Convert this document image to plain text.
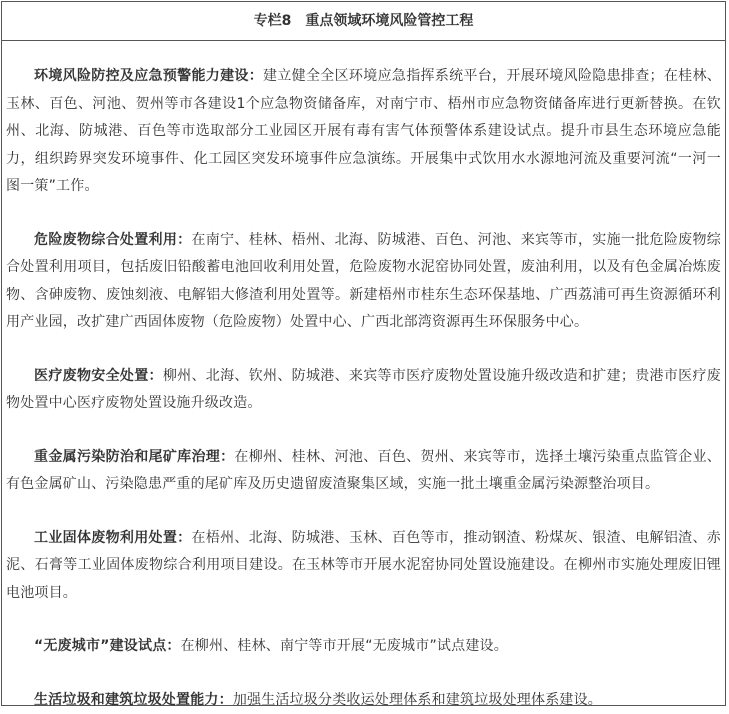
专栏8 重点领域环境风险管控工程

环境风险防控及应急预警能力建设：建立健全全区环境应急指挥系统平台，开展环境风险隐患排查；在桂林、玉林、百色、河池、贺州等市各建设1个应急物资储备库，对南宁市、梧州市应急物资储备库进行更新替换。在钦州、北海、防城港、百色等市选取部分工业园区开展有毒有害气体预警体系建设试点。提升市县生态环境应急能力，组织跨界突发环境事件、化工园区突发环境事件应急演练。开展集中式饮用水水源地河流及重要河流“一河一图一策”工作。

危险废物综合处置利用：在南宁、桂林、梧州、北海、防城港、百色、河池、来宾等市，实施一批危险废物综合处置利用项目，包括废旧铅酸蓄电池回收利用处置，危险废物水泥窑协同处置，废油利用，以及有色金属冶炼废物、含砷废物、废蚀刻液、电解铝大修渣利用处置等。新建梧州市桂东生态环保基地、广西荔浦可再生资源循环利用产业园，改扩建广西固体废物（危险废物）处置中心、广西北部湾资源再生环保服务中心。

医疗废物安全处置：柳州、北海、钦州、防城港、来宾等市医疗废物处置设施升级改造和扩建；贵港市医疗废物处置中心医疗废物处置设施升级改造。

重金属污染防治和尾矿库治理：在柳州、桂林、河池、百色、贺州、来宾等市，选择土壤污染重点监管企业、有色金属矿山、污染隐患严重的尾矿库及历史遗留废渣聚集区域，实施一批土壤重金属污染源整治项目。

工业固体废物利用处置：在梧州、北海、防城港、玉林、百色等市，推动钢渣、粉煤灰、银渣、电解铝渣、赤泥、石膏等工业固体废物综合利用项目建设。在玉林等市开展水泥窑协同处置设施建设。在柳州市实施处理废旧锂电池项目。

“无废城市”建设试点：在柳州、桂林、南宁等市开展“无废城市”试点建设。

生活垃圾和建筑垃圾处置能力：加强生活垃圾分类收运处理体系和建筑垃圾处理体系建设。
